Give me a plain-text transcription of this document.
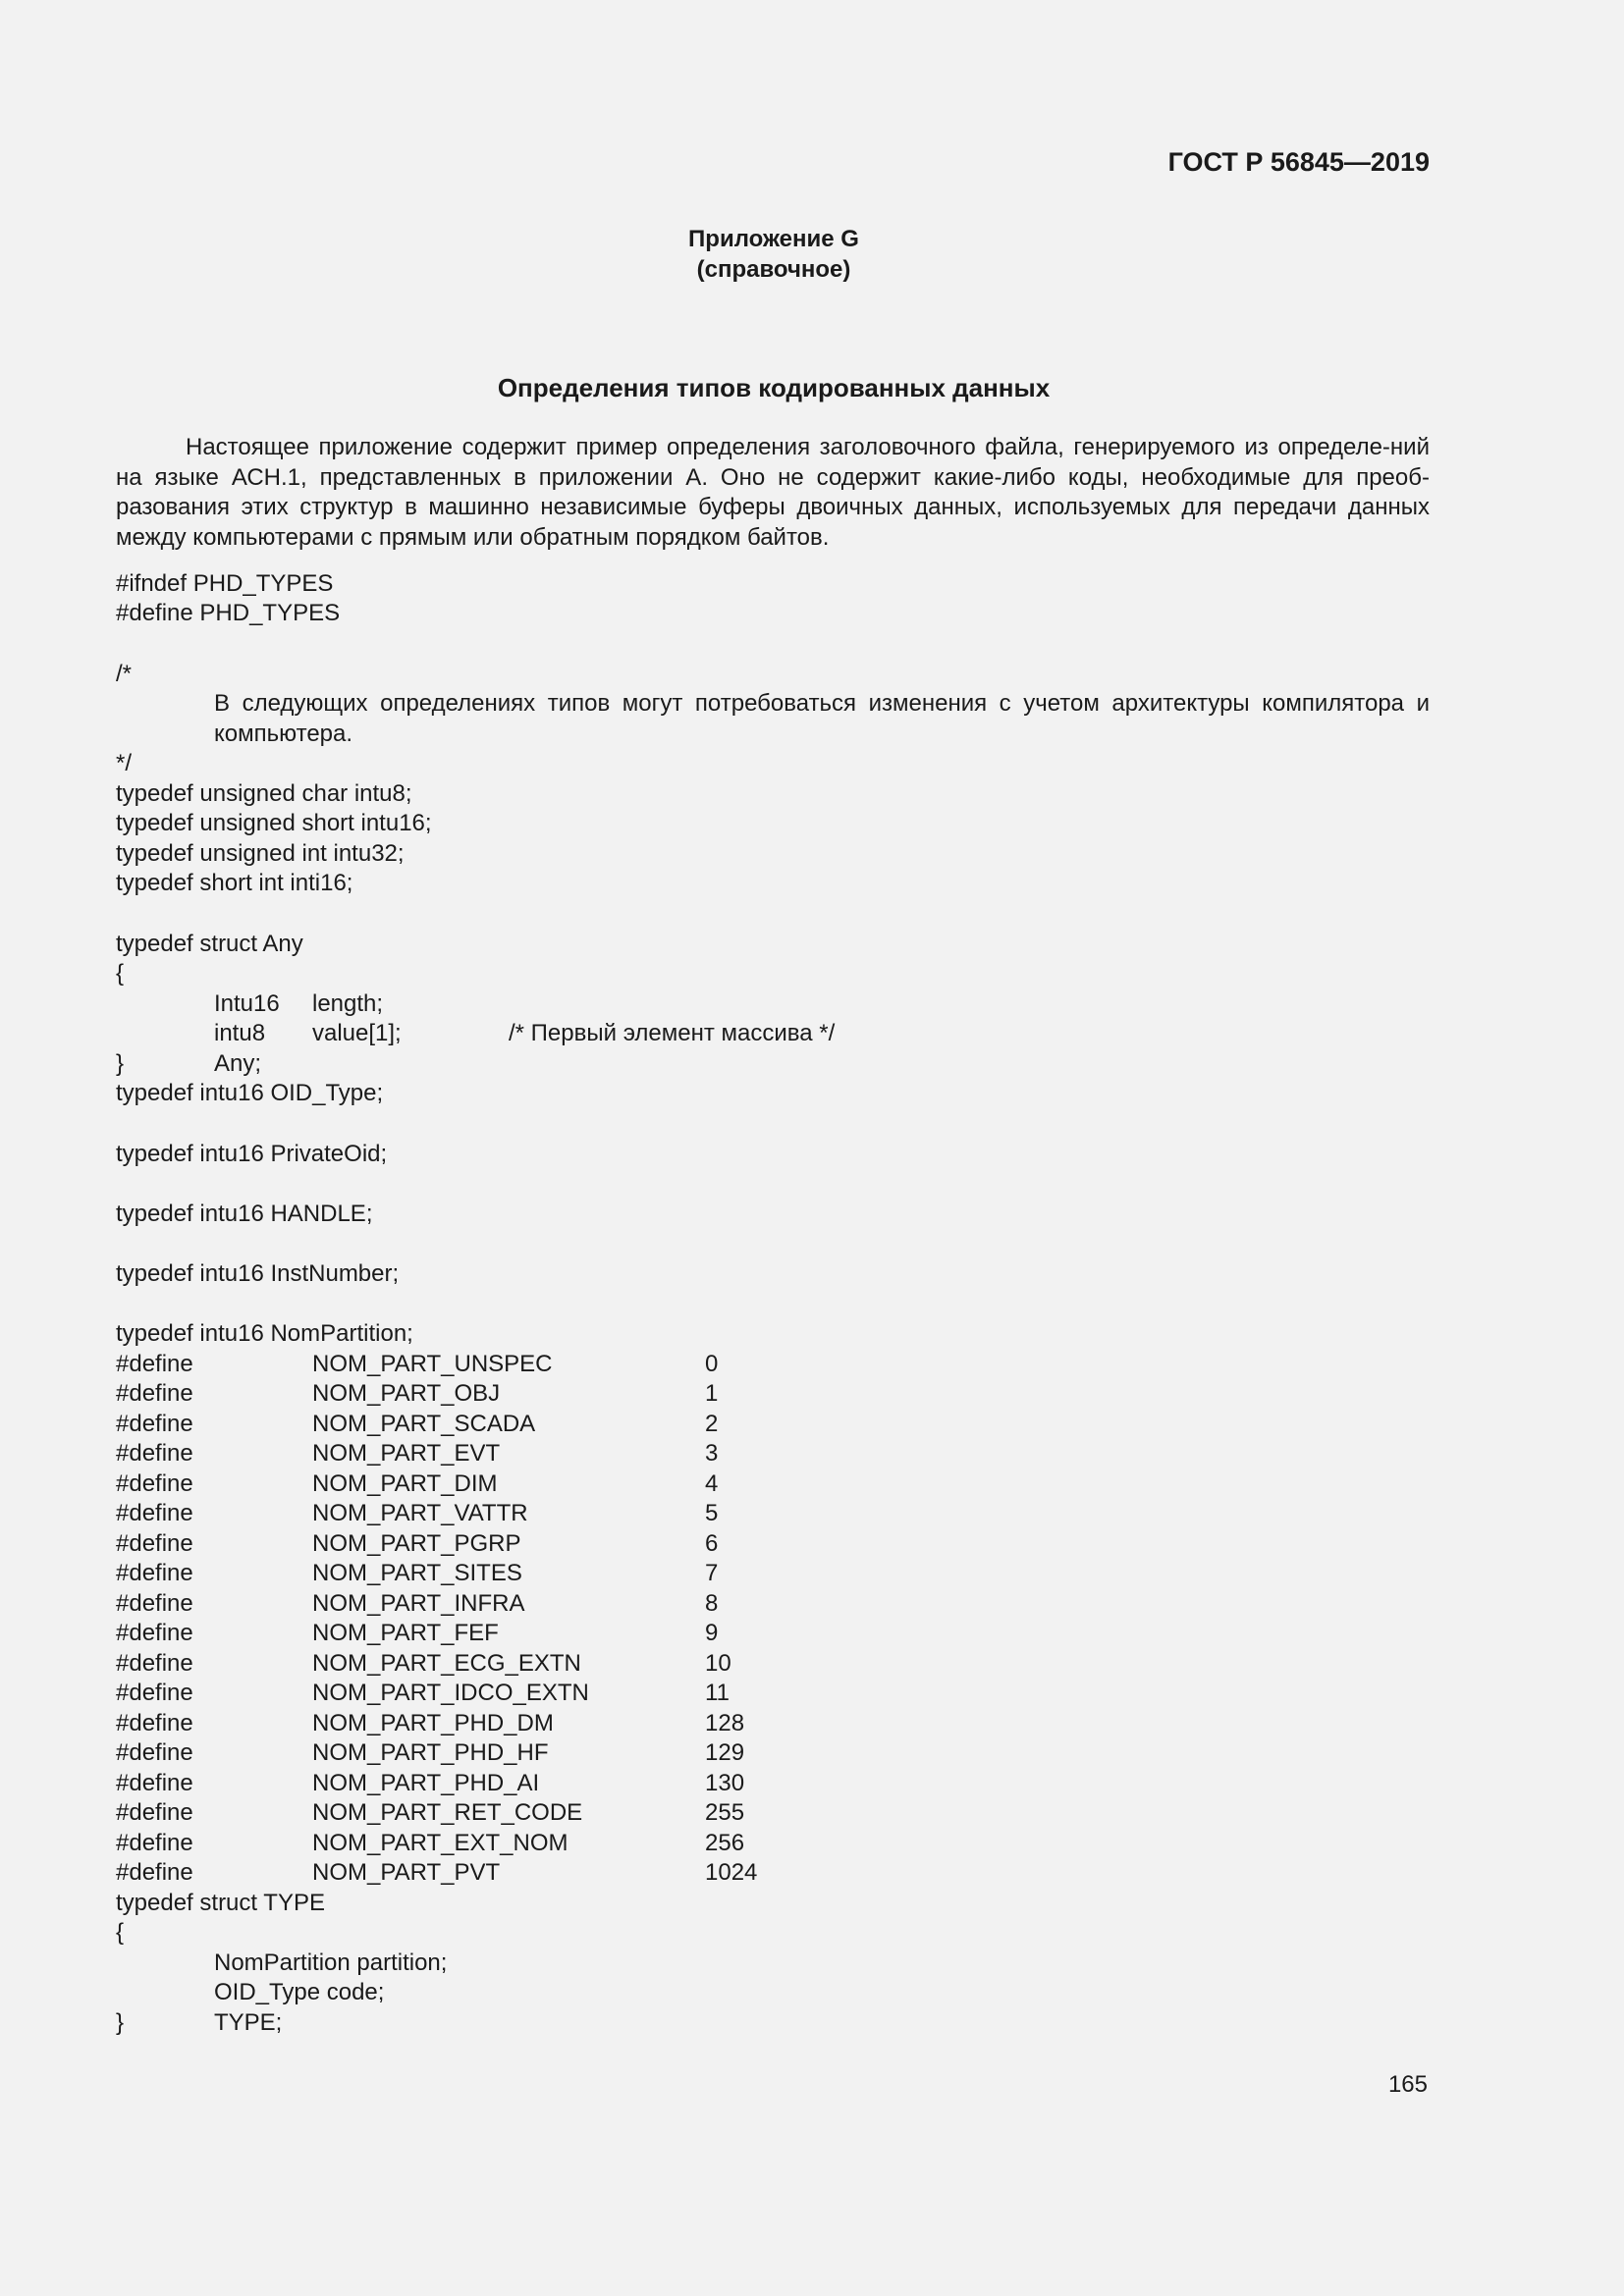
ГОСТ Р 56845—2019
Приложение G
(справочное)
Определения типов кодированных данных

Настоящее приложение содержит пример определения заголовочного файла, генерируемого из определе-ний на языке АСН.1, представленных в приложении А. Оно не содержит какие-либо коды, необходимые для преоб-разования этих структур в машинно независимые буферы двоичных данных, используемых для передачи данных между компьютерами с прямым или обратным порядком байтов.

#ifndef PHD_TYPES
#define PHD_TYPES
/*

В следующих определениях типов могут потребоваться изменения с учетом архитектуры компилятора и компьютера.

*/
typedef unsigned char intu8;
typedef unsigned short intu16;
typedef unsigned int intu32;
typedef short int inti16;
typedef struct Any
{
Intu16 length;
intu8 value[1];	/* Первый элемент массива */
}	Any;
typedef intu16 OID_Type;
typedef intu16 PrivateOid;
typedef intu16 HANDLE;
typedef intu16 InstNumber;
typedef intu16 NomPartition;
#define	NOM_PART_UNSPEC	0
#define	NOM_PART_OBJ	1
#define	NOM_PART_SCADA	2
#define	NOM_PART_EVT	3
#define	NOM_PART_DIM	4
#define	NOM_PART_VATTR	5
#define	NOM_PART_PGRP	6
#define	NOM_PART_SITES	7
#define	NOM_PART_INFRA	8
#define	NOM_PART_FEF	9
#define	NOM_PART_ECG_EXTN	10
#define	NOM_PART_IDCO_EXTN	11
#define	NOM_PART_PHD_DM	128
#define	NOM_PART_PHD_HF	129
#define	NOM_PART_PHD_AI	130
#define	NOM_PART_RET_CODE	255
#define	NOM_PART_EXT_NOM	256
#define	NOM_PART_PVT	1024
typedef struct TYPE
{
NomPartition partition;
OID_Type code;
}	TYPE;
165
